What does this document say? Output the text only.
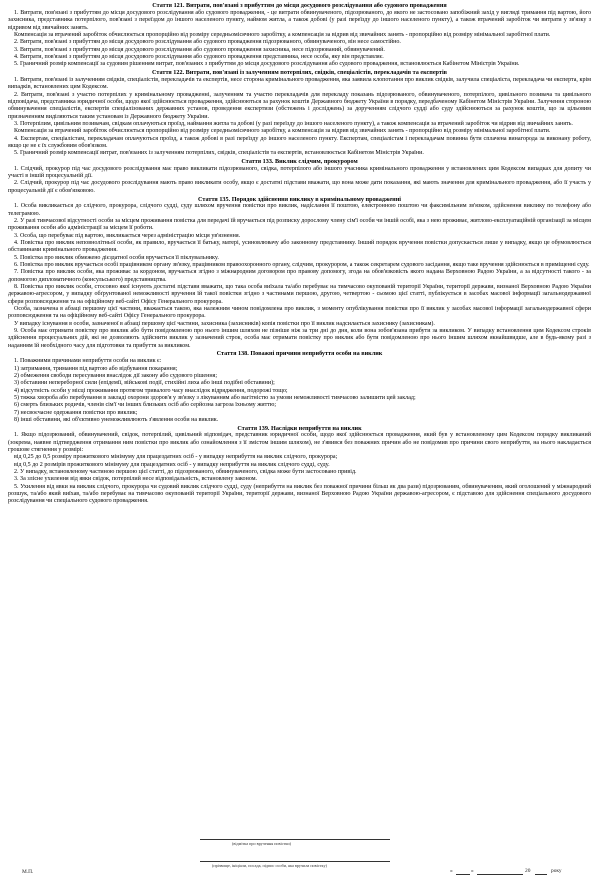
Стаття 121. Витрати, пов'язані з прибуттям до місця досудового розслідування або судового провадження

1. Витрати, пов'язані з прибуттям до місця досудового розслідування або судового провадження, - це витрати обвинуваченого, підозрюваного, до якого не застосовано запобіжний захід у вигляді тримання під вартою, його захисника, представника потерпілого, пов'язані з переїздом до іншого населеного пункту, наймом житла, а також добові (у разі переїзду до іншого населеного пункту), а також втрачений заробіток чи витрати у зв'язку з відривом від звичайних занять.

Компенсація за втрачений заробіток обчислюється пропорційно від розміру середньомісячного заробітку, а компенсація за відрив від звичайних занять - пропорційно від розміру мінімальної заробітної плати.

2. Витрати, пов'язані з прибуттям до місця досудового розслідування або судового провадження підозрюваного, обвинуваченого, він несе самостійно.

3. Витрати, пов'язані з прибуттям до місця досудового розслідування або судового провадження захисника, несе підозрюваний, обвинувачений.

4. Витрати, пов'язані з прибуттям до місця досудового розслідування або судового провадження представника, несе особа, яку він представляє.

5. Граничний розмір компенсації за судовим рішенням витрат, пов'язаних з прибуттям до місця досудового розслідування або судового провадження, встановлюється Кабінетом Міністрів України.

Стаття 122. Витрати, пов'язані із залученням потерпілих, свідків, спеціалістів, перекладачів та експертів

1. Витрати, пов'язані із залученням свідків, спеціалістів, перекладачів та експертів, несе сторона кримінального провадження, яка заявила клопотання про виклик свідків, залучила спеціаліста, перекладача чи експерта, крім випадків, встановлених цим Кодексом.

2. Витрати, пов'язані з участю потерпілих у кримінальному провадженні, залученням та участю перекладачів для перекладу показань підозрюваного, обвинуваченого, потерпілого, цивільного позивача та цивільного відповідача, представника юридичної особи, щодо якої здійснюється провадження, здійснюються за рахунок коштів Державного бюджету України в порядку, передбаченому Кабінетом Міністрів України. Залучення стороною обвинувачення спеціалістів, експертів спеціалізованих державних установ, проведення експертизи (обстежень і досліджень) за дорученням слідчого судді або суду здійснюються за рахунок коштів, що за цільовим призначенням виділяються таким установам із Державного бюджету України.

3. Потерпілим, цивільним позивачам, свідкам оплачуються проїзд, наймання житла та добові (у разі переїзду до іншого населеного пункту), а також компенсація за втрачений заробіток чи відрив від звичайних занять.

Компенсація за втрачений заробіток обчислюється пропорційно від розміру середньомісячного заробітку, а компенсація за відрив від звичайних занять - пропорційно від розміру мінімальної заробітної плати.

4. Експертам, спеціалістам, перекладачам оплачуються проїзд, а також добові в разі переїзду до іншого населеного пункту. Експертам, спеціалістам і перекладачам повинна бути сплачена винагорода за виконану роботу, якщо це не є їх службовим обов'язком.

5. Граничний розмір компенсації витрат, пов'язаних із залученням потерпілих, свідків, спеціалістів та експертів, встановлюється Кабінетом Міністрів України.

Стаття 133. Виклик слідчим, прокурором

1. Слідчий, прокурор під час досудового розслідування має право викликати підозрюваного, свідка, потерпілого або іншого учасника кримінального провадження у встановлених цим Кодексом випадках для допиту чи участі в іншій процесуальній дії.

2. Слідчий, прокурор під час досудового розслідування мають право викликати особу, якщо є достатні підстави вважати, що вона може дати показання, які мають значення для кримінального провадження, або її участь у процесуальній дії є обов'язковою.

Стаття 135. Порядок здійснення виклику в кримінальному провадженні

1. Особа викликається до слідчого, прокурора, слідчого судді, суду шляхом вручення повістки про виклик, надіслання її поштою, електронною поштою чи факсимільним зв'язком, здійснення виклику по телефону або телеграмою.

2. У разі тимчасової відсутності особи за місцем проживання повістка для передачі їй вручається під розписку дорослому члену сім'ї особи чи іншій особі, яка з нею проживає, житлово-експлуатаційній організації за місцем проживання особи або адміністрації за місцем її роботи.

3. Особа, що перебуває під вартою, викликається через адміністрацію місця ув'язнення.

4. Повістка про виклик неповнолітньої особи, як правило, вручається її батьку, матері, усиновлювачу або законному представнику. Інший порядок вручення повістки допускається лише у випадку, якщо це обумовлюється обставинами кримінального провадження.

5. Повістка про виклик обмежено дієздатної особи вручається її піклувальнику.

6. Повістка про виклик вручається особі працівником органу зв'язку, працівником правоохоронного органу, слідчим, прокурором, а також секретарем судового засідання, якщо таке вручення здійснюється в приміщенні суду.

7. Повістка про виклик особи, яка проживає за кордоном, вручається згідно з міжнародним договором про правову допомогу, згода на обов'язковість якого надана Верховною Радою України, а за відсутності такого - за допомогою дипломатичного (консульського) представництва.

8. Повістка про виклик особи, стосовно якої існують достатні підстави вважати, що така особа виїхала та/або перебуває на тимчасово окупованій території України, території держави, визнаної Верховною Радою України державою-агресором, у випадку обґрунтованої неможливості вручення їй такої повістки згідно з частинами першою, другою, четвертою - сьомою цієї статті, публікується в засобах масової інформації загальнодержавної сфери розповсюдження та на офіційному веб-сайті Офісу Генерального прокурора.

Особа, зазначена в абзаці першому цієї частини, вважається такою, яка належним чином повідомлена про виклик, з моменту опублікування повістки про її виклик у засобах масової інформації загальнодержавної сфери розповсюдження та на офіційному веб-сайті Офісу Генерального прокурора.

У випадку існування в особи, зазначеної в абзаці першому цієї частини, захисника (захисників) копія повістки про її виклик надсилається захиснику (захисникам).

9. Особа має отримати повістку про виклик або бути повідомленою про нього іншим шляхом не пізніше ніж за три дні до дня, коли вона зобов'язана прибути за викликом. У випадку встановлення цим Кодексом строків здійснення процесуальних дій, які не дозволяють здійснити виклик у зазначений строк, особа має отримати повістку про виклик або бути повідомленою про нього іншим шляхом якнайшвидше, але в будь-якому разі з наданням їй необхідного часу для підготовки та прибуття за викликом.

Стаття 138. Поважні причини неприбуття особи на виклик

1. Поважними причинами неприбуття особи на виклик є:

1) затримання, тримання під вартою або відбування покарання;

2) обмеження свободи пересування внаслідок дії закону або судового рішення;

3) обставини непереборної сили (епідемії, військові події, стихійні лиха або інші подібні обставини);

4) відсутність особи у місці проживання протягом тривалого часу внаслідок відрядження, подорожі тощо;

5) тяжка хвороба або перебування в закладі охорони здоров'я у зв'язку з лікуванням або вагітністю за умови неможливості тимчасово залишити цей заклад;

6) смерть близьких родичів, членів сім'ї чи інших близьких осіб або серйозна загроза їхньому життю;

7) несвоєчасне одержання повістки про виклик;

8) інші обставини, які об'єктивно унеможливлюють з'явлення особи на виклик.

Стаття 139. Наслідки неприбуття на виклик

1. Якщо підозрюваний, обвинувачений, свідок, потерпілий, цивільний відповідач, представник юридичної особи, щодо якої здійснюється провадження, який був у встановленому цим Кодексом порядку викликаний (зокрема, наявне підтвердження отримання ним повістки про виклик або ознайомлення з її змістом іншим шляхом), не з'явився без поважних причин або не повідомив про причини свого неприбуття, на нього накладається грошове стягнення у розмірі:

від 0,25 до 0,5 розміру прожиткового мінімуму для працездатних осіб - у випадку неприбуття на виклик слідчого, прокурора;

від 0,5 до 2 розмірів прожиткового мінімуму для працездатних осіб - у випадку неприбуття на виклик слідчого судді, суду.

2. У випадку, встановленому частиною першою цієї статті, до підозрюваного, обвинуваченого, свідка може бути застосовано привід.

3. За злісне ухилення від явки свідок, потерпілий несе відповідальність, встановлену законом.

5. Ухилення від явки на виклик слідчого, прокурора чи судовий виклик слідчого судді, суду (неприбуття на виклик без поважної причини більш як два рази) підозрюваним, обвинуваченим, який оголошений у міжнародний розшук, та/або який виїхав, та/або перебуває на тимчасово окупованій території України, території держави, визнаної Верховною Радою України державою-агресором, є підставою для здійснення спеціального досудового розслідування чи спеціального судового провадження.

(відмітка про вручення повістки)
(прізвище, ініціали, посада, підпис особи, яка вручила повістку)
М.П.	«	»	20	року
